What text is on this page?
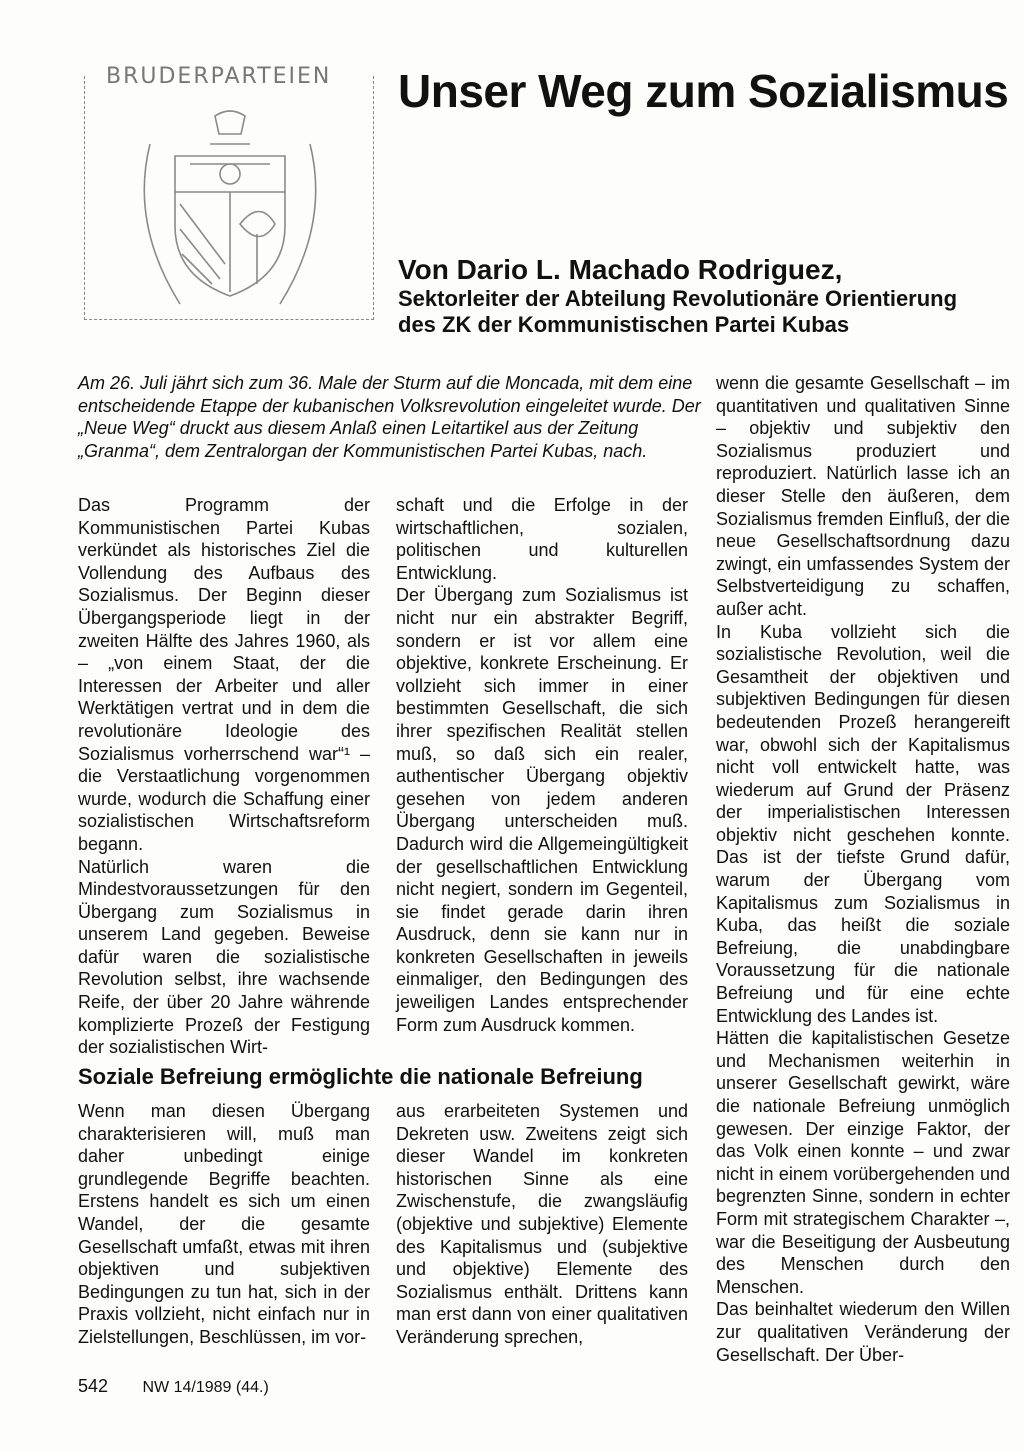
BRUDERPARTEIEN Unser Weg zum Sozialismus
Von Dario L. Machado Rodriguez,
Sektorleiter der Abteilung Revolutionäre Orientierung
des ZK der Kommunistischen Partei Kubas
Am 26. Juli jährt sich zum 36. Male der Sturm auf die Moncada, mit dem eine entscheidende Etappe der kubanischen Volksrevolution eingeleitet wurde. Der „Neue Weg“ druckt aus diesem Anlaß einen Leitartikel aus der Zeitung „Granma“, dem Zentralorgan der Kommunistischen Partei Kubas, nach.

Das Programm der Kommunistischen Partei Kubas verkündet als historisches Ziel die Vollendung des Aufbaus des Sozialismus. Der Beginn dieser Übergangsperiode liegt in der zweiten Hälfte des Jahres 1960, als – „von einem Staat, der die Interessen der Arbeiter und aller Werktätigen vertrat und in dem die revolutionäre Ideologie des Sozialismus vorherrschend war“¹ – die Verstaatlichung vorgenommen wurde, wodurch die Schaffung einer sozialistischen Wirtschaftsreform begann.

Natürlich waren die Mindestvoraussetzungen für den Übergang zum Sozialismus in unserem Land gegeben. Beweise dafür waren die sozialistische Revolution selbst, ihre wachsende Reife, der über 20 Jahre währende komplizierte Prozeß der Festigung der sozialistischen Wirt-

schaft und die Erfolge in der wirtschaftlichen, sozialen, politischen und kulturellen Entwicklung.

Der Übergang zum Sozialismus ist nicht nur ein abstrakter Begriff, sondern er ist vor allem eine objektive, konkrete Erscheinung. Er vollzieht sich immer in einer bestimmten Gesellschaft, die sich ihrer spezifischen Realität stellen muß, so daß sich ein realer, authentischer Übergang objektiv gesehen von jedem anderen Übergang unterscheiden muß. Dadurch wird die Allgemeingültigkeit der gesellschaftlichen Entwicklung nicht negiert, sondern im Gegenteil, sie findet gerade darin ihren Ausdruck, denn sie kann nur in konkreten Gesellschaften in jeweils einmaliger, den Bedingungen des jeweiligen Landes entsprechender Form zum Ausdruck kommen.

wenn die gesamte Gesellschaft – im quantitativen und qualitativen Sinne – objektiv und subjektiv den Sozialismus produziert und reproduziert. Natürlich lasse ich an dieser Stelle den äußeren, dem Sozialismus fremden Einfluß, der die neue Gesellschaftsordnung dazu zwingt, ein umfassendes System der Selbstverteidigung zu schaffen, außer acht.

In Kuba vollzieht sich die sozialistische Revolution, weil die Gesamtheit der objektiven und subjektiven Bedingungen für diesen bedeutenden Prozeß herangereift war, obwohl sich der Kapitalismus nicht voll entwickelt hatte, was wiederum auf Grund der Präsenz der imperialistischen Interessen objektiv nicht geschehen konnte. Das ist der tiefste Grund dafür, warum der Übergang vom Kapitalismus zum Sozialismus in Kuba, das heißt die soziale Befreiung, die unabdingbare Voraussetzung für die nationale Befreiung und für eine echte Entwicklung des Landes ist.

Hätten die kapitalistischen Gesetze und Mechanismen weiterhin in unserer Gesellschaft gewirkt, wäre die nationale Befreiung unmöglich gewesen. Der einzige Faktor, der das Volk einen konnte – und zwar nicht in einem vorübergehenden und begrenzten Sinne, sondern in echter Form mit strategischem Charakter –, war die Beseitigung der Ausbeutung des Menschen durch den Menschen.

Das beinhaltet wiederum den Willen zur qualitativen Veränderung der Gesellschaft. Der Über-

Soziale Befreiung ermöglichte die nationale Befreiung

Wenn man diesen Übergang charakterisieren will, muß man daher unbedingt einige grundlegende Begriffe beachten. Erstens handelt es sich um einen Wandel, der die gesamte Gesellschaft umfaßt, etwas mit ihren objektiven und subjektiven Bedingungen zu tun hat, sich in der Praxis vollzieht, nicht einfach nur in Zielstellungen, Beschlüssen, im vor-

aus erarbeiteten Systemen und Dekreten usw. Zweitens zeigt sich dieser Wandel im konkreten historischen Sinne als eine Zwischenstufe, die zwangsläufig (objektive und subjektive) Elemente des Kapitalismus und (subjektive und objektive) Elemente des Sozialismus enthält. Drittens kann man erst dann von einer qualitativen Veränderung sprechen,

542 NW 14/1989 (44.)
